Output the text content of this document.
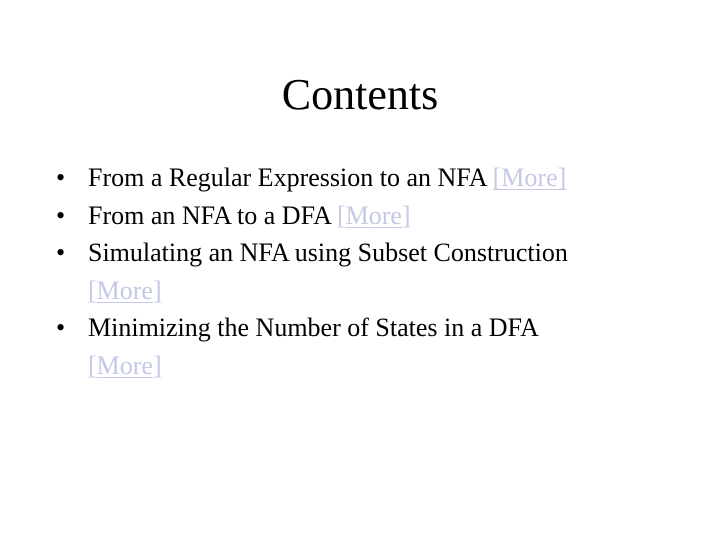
Contents
• From a Regular Expression to an NFA [More]
• From an NFA to a DFA [More]
• Simulating an NFA using Subset Construction
[More]
• Minimizing the Number of States in a DFA
[More]
